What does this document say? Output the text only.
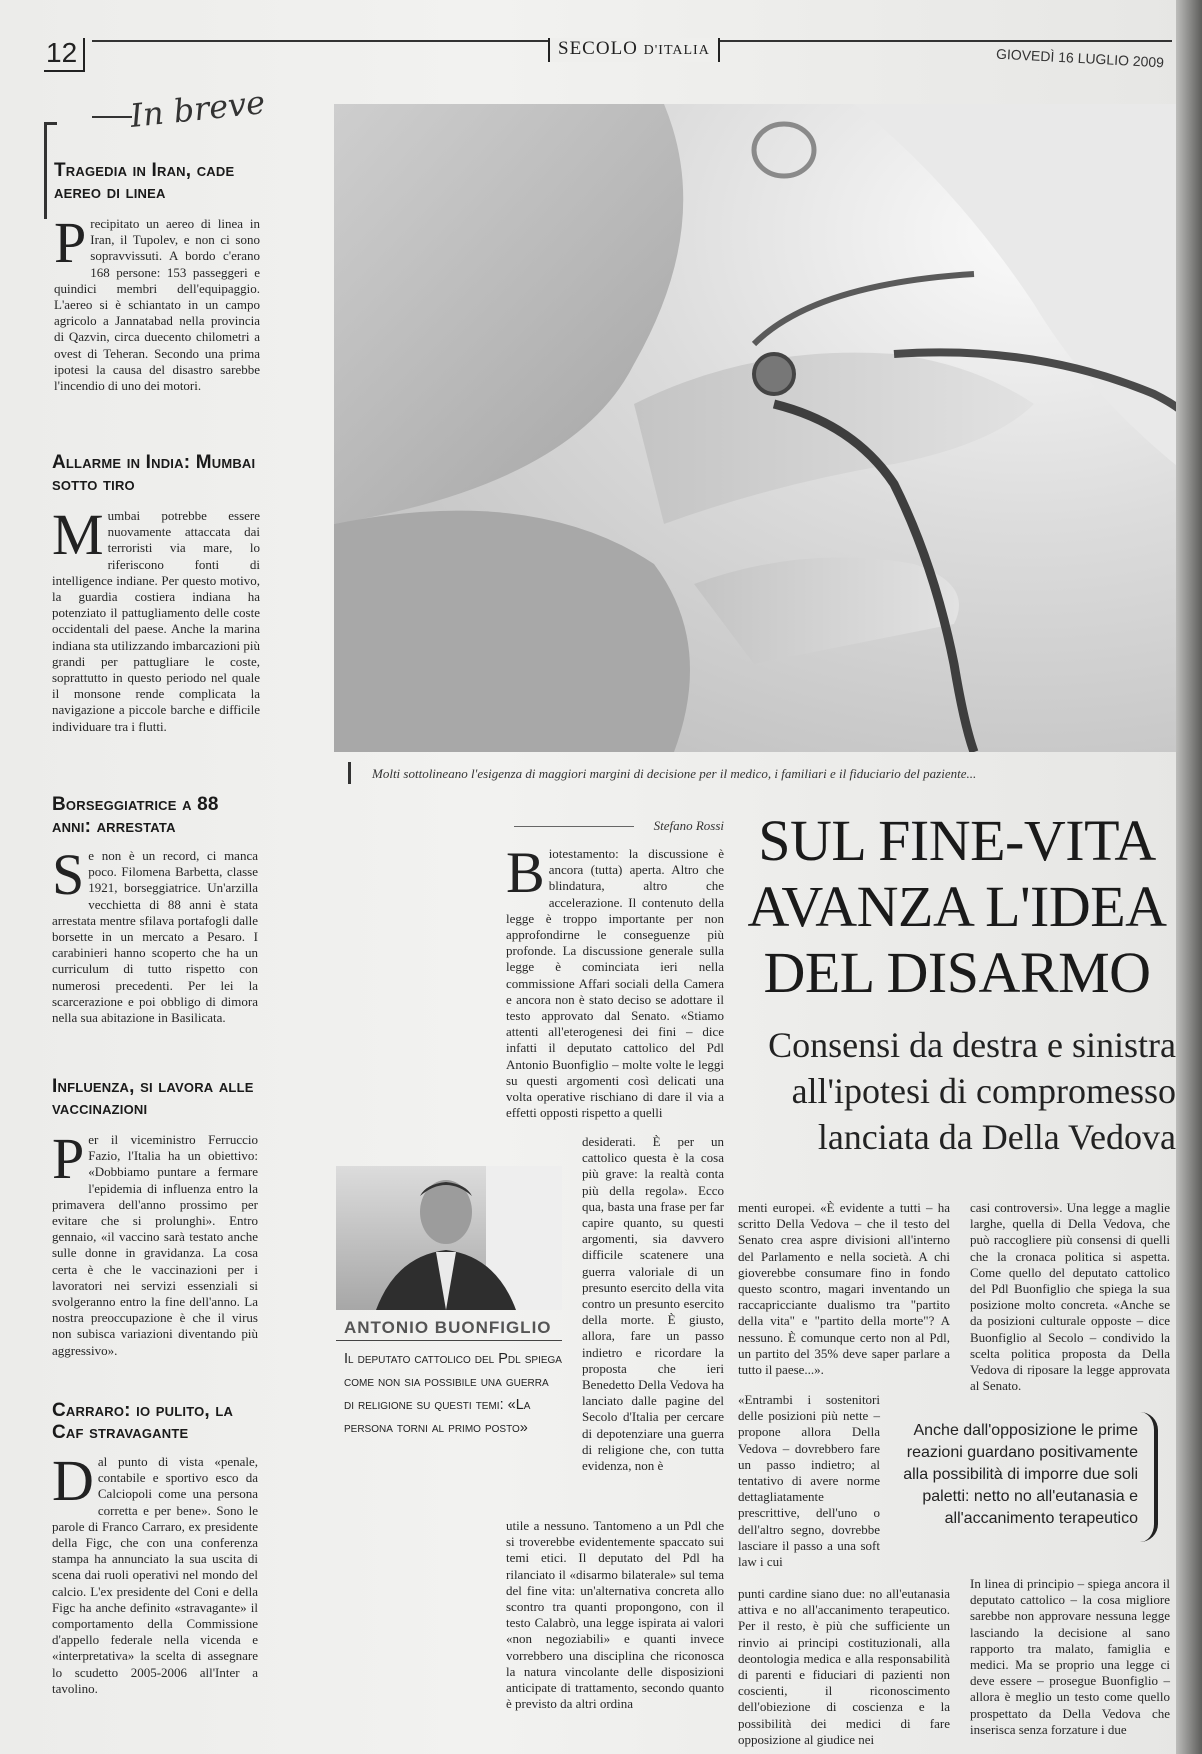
12	SECOLO D'ITALIA	GIOVEDÌ 16 LUGLIO 2009
In breve
Tragedia in Iran, cade aereo di linea
Precipitato un aereo di linea in Iran, il Tupolev, e non ci sono sopravvissuti. A bordo c'erano 168 persone: 153 passeggeri e quindici membri dell'equipaggio. L'aereo si è schiantato in un campo agricolo a Jannatabad nella provincia di Qazvin, circa duecento chilometri a ovest di Teheran. Secondo una prima ipotesi la causa del disastro sarebbe l'incendio di uno dei motori.
Allarme in India: Mumbai sotto tiro
Mumbai potrebbe essere nuovamente attaccata dai terroristi via mare, lo riferiscono fonti di intelligence indiane. Per questo motivo, la guardia costiera indiana ha potenziato il pattugliamento delle coste occidentali del paese. Anche la marina indiana sta utilizzando imbarcazioni più grandi per pattugliare le coste, soprattutto in questo periodo nel quale il monsone rende complicata la navigazione a piccole barche e difficile individuare tra i flutti.
Borseggiatrice a 88 anni: arrestata
Se non è un record, ci manca poco. Filomena Barbetta, classe 1921, borseggiatrice. Un'arzilla vecchietta di 88 anni è stata arrestata mentre sfilava portafogli dalle borsette in un mercato a Pesaro. I carabinieri hanno scoperto che ha un curriculum di tutto rispetto con numerosi precedenti. Per lei la scarcerazione e poi obbligo di dimora nella sua abitazione in Basilicata.
Influenza, si lavora alle vaccinazioni
Per il viceministro Ferruccio Fazio, l'Italia ha un obiettivo: «Dobbiamo puntare a fermare l'epidemia di influenza entro la primavera dell'anno prossimo per evitare che si prolunghi». Entro gennaio, «il vaccino sarà testato anche sulle donne in gravidanza. La cosa certa è che le vaccinazioni per i lavoratori nei servizi essenziali si svolgeranno entro la fine dell'anno. La nostra preoccupazione è che il virus non subisca variazioni diventando più aggressivo».
Carraro: io pulito, la Caf stravagante
Dal punto di vista «penale, contabile e sportivo esco da Calciopoli come una persona corretta e per bene». Sono le parole di Franco Carraro, ex presidente della Figc, che con una conferenza stampa ha annunciato la sua uscita di scena dai ruoli operativi nel mondo del calcio. L'ex presidente del Coni e della Figc ha anche definito «stravagante» il comportamento della Commissione d'appello federale nella vicenda e «interpretativa» la scelta di assegnare lo scudetto 2005-2006 all'Inter a tavolino.
Molti sottolineano l'esigenza di maggiori margini di decisione per il medico, i familiari e il fiduciario del paziente...
Stefano Rossi SUL FINE-VITA AVANZA L'IDEA DEL DISARMO
Consensi da destra e sinistra all'ipotesi di compromesso lanciata da Della Vedova
Biotestamento: la discussione è ancora (tutta) aperta. Altro che blindatura, altro che accelerazione. Il contenuto della legge è troppo importante per non approfondirne le conseguenze più profonde. La discussione generale sulla legge è cominciata ieri nella commissione Affari sociali della Camera e ancora non è stato deciso se adottare il testo approvato dal Senato. «Stiamo attenti all'eterogenesi dei fini – dice infatti il deputato cattolico del Pdl Antonio Buonfiglio – molte volte le leggi su questi argomenti così delicati una volta operative rischiano di dare il via a effetti opposti rispetto a quelli
desiderati. È per un cattolico questa è la cosa più grave: la realtà conta più della regola». Ecco qua, basta una frase per far capire quanto, su questi argomenti, sia davvero difficile scatenere una guerra valoriale di un presunto esercito della vita contro un presunto esercito della morte. È giusto, allora, fare un passo indietro e ricordare la proposta che ieri Benedetto Della Vedova ha lanciato dalle pagine del Secolo d'Italia per cercare di depotenziare una guerra di religione che, con tutta evidenza, non è
utile a nessuno. Tantomeno a un Pdl che si troverebbe evidentemente spaccato sui temi etici. Il deputato del Pdl ha rilanciato il «disarmo bilaterale» sul tema del fine vita: un'alternativa concreta allo scontro tra quanti propongono, con il testo Calabrò, una legge ispirata ai valori «non negoziabili» e quanti invece vorrebbero una disciplina che riconosca la natura vincolante delle disposizioni anticipate di trattamento, secondo quanto è previsto da altri ordina
ANTONIO BUONFIGLIO
Il deputato cattolico del Pdl spiega come non sia possibile una guerra di religione su questi temi: «La persona torni al primo posto»
menti europei. «È evidente a tutti – ha scritto Della Vedova – che il testo del Senato crea aspre divisioni all'interno del Parlamento e nella società. A chi gioverebbe consumare fino in fondo questo scontro, magari inventando un raccapricciante dualismo tra "partito della vita" e "partito della morte"? A nessuno. È comunque certo non al Pdl, un partito del 35% deve saper parlare a tutto il paese...».
«Entrambi i sostenitori delle posizioni più nette – propone allora Della Vedova – dovrebbero fare un passo indietro; al tentativo di avere norme dettagliatamente prescrittive, dell'uno o dell'altro segno, dovrebbe lasciare il passo a una soft law i cui
punti cardine siano due: no all'eutanasia attiva e no all'accanimento terapeutico. Per il resto, è più che sufficiente un rinvio ai principi costituzionali, alla deontologia medica e alla responsabilità di parenti e fiduciari di pazienti non coscienti, il riconoscimento dell'obiezione di coscienza e la possibilità dei medici di fare opposizione al giudice nei
casi controversi». Una legge a maglie larghe, quella di Della Vedova, che può raccogliere più consensi di quelli che la cronaca politica si aspetta. Come quello del deputato cattolico del Pdl Buonfiglio che spiega la sua posizione molto concreta. «Anche se da posizioni culturale opposte – dice Buonfiglio al Secolo – condivido la scelta politica proposta da Della Vedova di riposare la legge approvata al Senato.
In linea di principio – spiega ancora il deputato cattolico – la cosa migliore sarebbe non approvare nessuna legge lasciando la decisione al sano rapporto tra malato, famiglia e medici. Ma se proprio una legge ci deve essere – prosegue Buonfiglio – allora è meglio un testo come quello prospettato da Della Vedova che inserisca senza forzature i due
Anche dall'opposizione le prime reazioni guardano positivamente alla possibilità di imporre due soli paletti: netto no all'eutanasia e all'accanimento terapeutico
